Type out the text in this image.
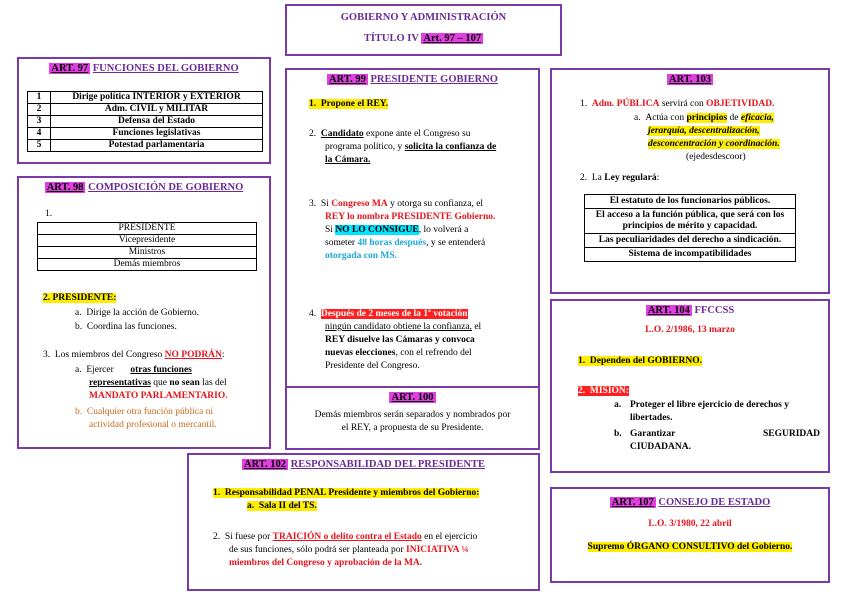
GOBIERNO Y ADMINISTRACIÓN
TÍTULO IV Art. 97 – 107
ART. 97 FUNCIONES DEL GOBIERNO
1	Dirige política INTERIOR y EXTERIOR
2	Adm. CIVIL y MILITAR
3	Defensa del Estado
4	Funciones legislativas
5	Potestad parlamentaria
ART. 98 COMPOSICIÓN DE GOBIERNO
1.
PRESIDENTE
Vicepresidente
Ministros
Demás miembros
2. PRESIDENTE:
a. Dirige la acción de Gobierno.
b. Coordina las funciones.
3. Los miembros del Congreso NO PODRÁN:
a. Ejercer otras funciones
representativas que no sean las del
MANDATO PARLAMENTARIO.
b. Cualquier otra función pública ni
actividad profesional o mercantil.
ART. 99 PRESIDENTE GOBIERNO
1. Propone el REY.
2. Candidato expone ante el Congreso su
programa político, y solicita la confianza de
la Cámara.
3. Si Congreso MA y otorga su confianza, el
REY lo nombra PRESIDENTE Gobierno.
Si NO LO CONSIGUE, lo volverá a
someter 48 horas después, y se entenderá
otorgada con MS.
4. Después de 2 meses de la 1ª votación
ningún candidato obtiene la confianza, el
REY disuelve las Cámaras y convoca
nuevas elecciones, con el refrendo del
Presidente del Congreso.
ART. 100
Demás miembros serán separados y nombrados por
el REY, a propuesta de su Presidente.
ART. 102 RESPONSABILIDAD DEL PRESIDENTE
1. Responsabilidad PENAL Presidente y miembros del Gobierno:
a. Sala II del TS.
2. Si fuese por TRAICIÓN o delito contra el Estado en el ejercicio
de sus funciones, sólo podrá ser planteada por INICIATIVA ¼
miembros del Congreso y aprobación de la MA.
ART. 103
1. Adm. PÚBLICA servirá con OBJETIVIDAD.
a. Actúa con principios de eficacia,
jerarquía, descentralización,
desconcentración y coordinación.
(ejedesdescoor)
2. La Ley regulará:
El estatuto de los funcionarios públicos.
El acceso a la función pública, que será con los principios de mérito y capacidad.
Las peculiaridades del derecho a sindicación.
Sistema de incompatibilidades
ART. 104 FFCCSS
L.O. 2/1986, 13 marzo
1. Dependen del GOBIERNO.
2. MISIÓN:
a. Proteger el libre ejercicio de derechos y libertades.
b. Garantizar	SEGURIDAD
CIUDADANA.
ART. 107 CONSEJO DE ESTADO
L.O. 3/1980, 22 abril
Supremo ÓRGANO CONSULTIVO del Gobierno.
